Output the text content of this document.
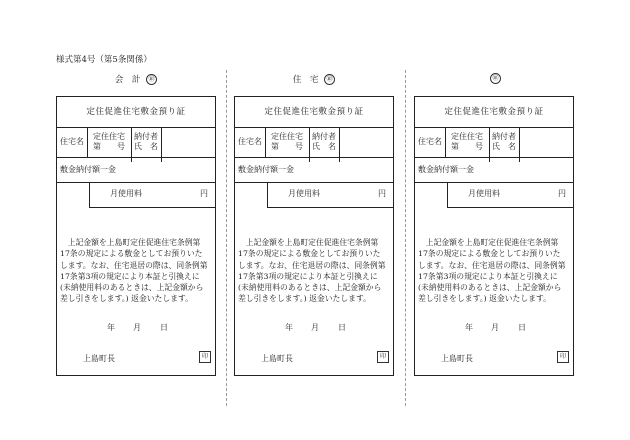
様式第4号（第5条関係）
会　計 ㊞
定住促進住宅敷金預り証
住宅名
定住住宅
第　　号
納付者
氏　名
敷金納付額一金
月使用料	円
上記金額を上島町定住促進住宅条例第
17条の規定による敷金としてお預りいた
します。なお、住宅退居の際は、同条例第
17条第3項の規定により本証と引換えに
(未納使用料のあるときは、上記金額から
差し引きをします。) 返金いたします。
年 月 日
上島町長	印
住　宅 ㊞
定住促進住宅敷金預り証
住宅名
定住住宅
第　　号
納付者
氏　名
敷金納付額一金
月使用料	円
上記金額を上島町定住促進住宅条例第
17条の規定による敷金としてお預りいた
します。なお、住宅退居の際は、同条例第
17条第3項の規定により本証と引換えに
(未納使用料のあるときは、上記金額から
差し引きをします。) 返金いたします。
年 月 日
上島町長	印
㊞
定住促進住宅敷金預り証
住宅名
定住住宅
第　　号
納付者
氏　名
敷金納付額一金
月使用料	円
上記金額を上島町定住促進住宅条例第
17条の規定による敷金としてお預りいた
します。なお、住宅退居の際は、同条例第
17条第3項の規定により本証と引換えに
(未納使用料のあるときは、上記金額から
差し引きをします。) 返金いたします。
年 月 日
上島町長	印
